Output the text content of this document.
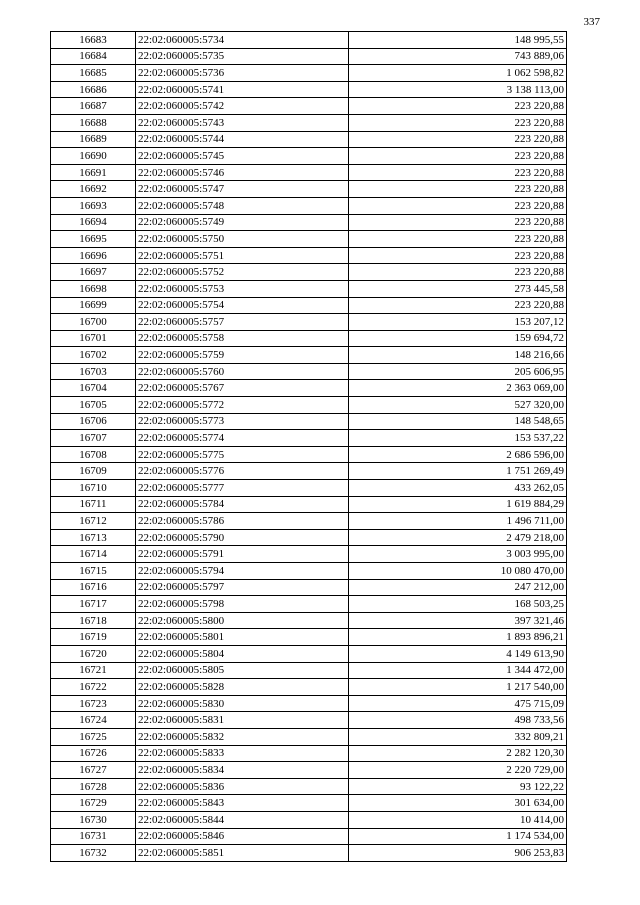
337
16683	22:02:060005:5734	148 995,55
16684	22:02:060005:5735	743 889,06
16685	22:02:060005:5736	1 062 598,82
16686	22:02:060005:5741	3 138 113,00
16687	22:02:060005:5742	223 220,88
16688	22:02:060005:5743	223 220,88
16689	22:02:060005:5744	223 220,88
16690	22:02:060005:5745	223 220,88
16691	22:02:060005:5746	223 220,88
16692	22:02:060005:5747	223 220,88
16693	22:02:060005:5748	223 220,88
16694	22:02:060005:5749	223 220,88
16695	22:02:060005:5750	223 220,88
16696	22:02:060005:5751	223 220,88
16697	22:02:060005:5752	223 220,88
16698	22:02:060005:5753	273 445,58
16699	22:02:060005:5754	223 220,88
16700	22:02:060005:5757	153 207,12
16701	22:02:060005:5758	159 694,72
16702	22:02:060005:5759	148 216,66
16703	22:02:060005:5760	205 606,95
16704	22:02:060005:5767	2 363 069,00
16705	22:02:060005:5772	527 320,00
16706	22:02:060005:5773	148 548,65
16707	22:02:060005:5774	153 537,22
16708	22:02:060005:5775	2 686 596,00
16709	22:02:060005:5776	1 751 269,49
16710	22:02:060005:5777	433 262,05
16711	22:02:060005:5784	1 619 884,29
16712	22:02:060005:5786	1 496 711,00
16713	22:02:060005:5790	2 479 218,00
16714	22:02:060005:5791	3 003 995,00
16715	22:02:060005:5794	10 080 470,00
16716	22:02:060005:5797	247 212,00
16717	22:02:060005:5798	168 503,25
16718	22:02:060005:5800	397 321,46
16719	22:02:060005:5801	1 893 896,21
16720	22:02:060005:5804	4 149 613,90
16721	22:02:060005:5805	1 344 472,00
16722	22:02:060005:5828	1 217 540,00
16723	22:02:060005:5830	475 715,09
16724	22:02:060005:5831	498 733,56
16725	22:02:060005:5832	332 809,21
16726	22:02:060005:5833	2 282 120,30
16727	22:02:060005:5834	2 220 729,00
16728	22:02:060005:5836	93 122,22
16729	22:02:060005:5843	301 634,00
16730	22:02:060005:5844	10 414,00
16731	22:02:060005:5846	1 174 534,00
16732	22:02:060005:5851	906 253,83
